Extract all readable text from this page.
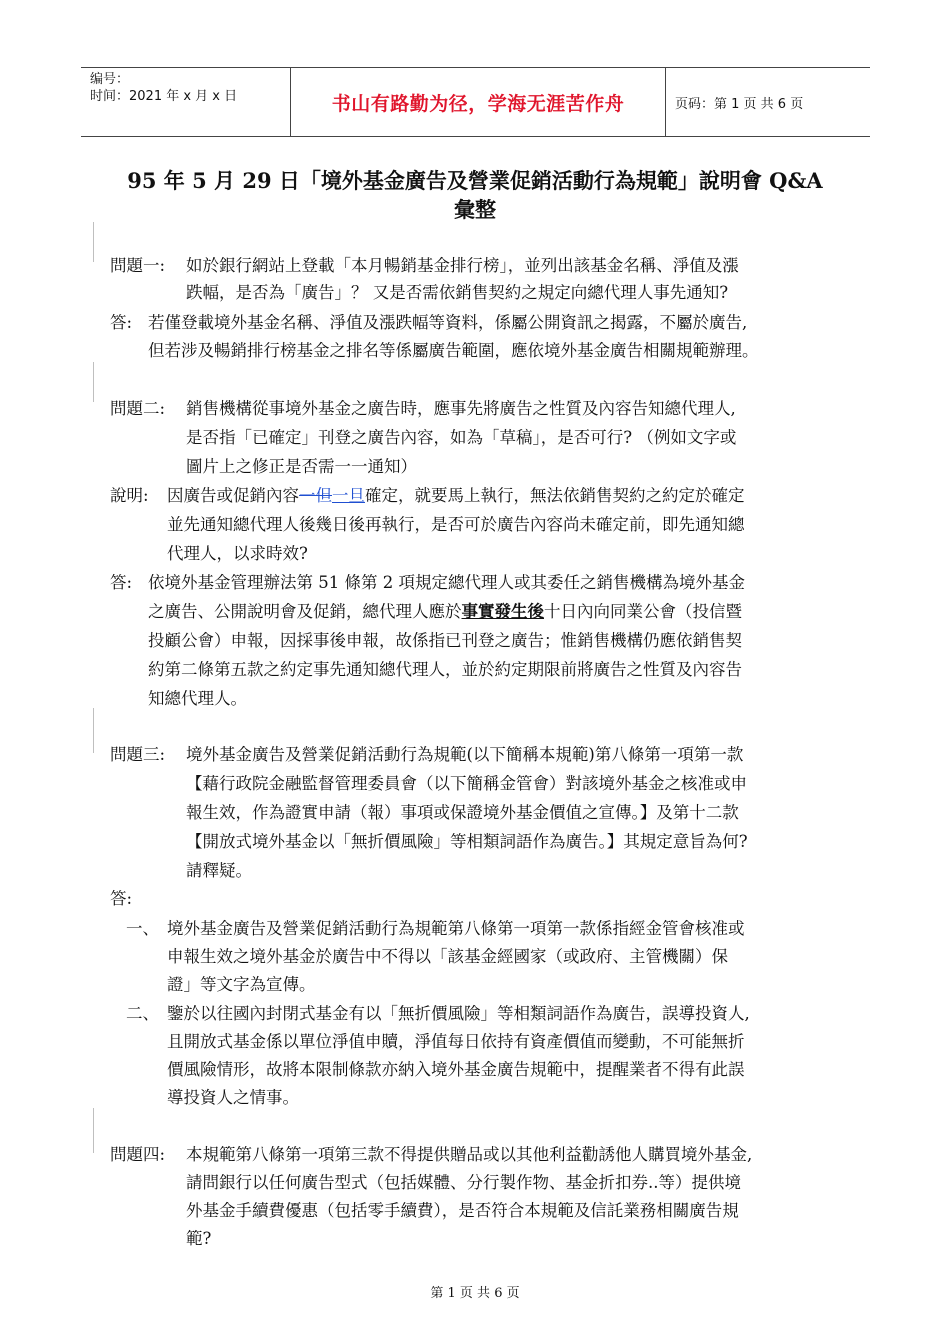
编号：
时间：2021 年 x 月 x 日	书山有路勤为径，学海无涯苦作舟	页码：第 1 页 共 6 页
95 年 5 月 29 日「境外基金廣告及營業促銷活動行為規範」說明會 Q&A
彙整
問題一: 如於銀行網站上登載「本月暢銷基金排行榜」，並列出該基金名稱、淨值及漲
跌幅，是否為「廣告」？ 又是否需依銷售契約之規定向總代理人事先通知?
答: 若僅登載境外基金名稱、淨值及漲跌幅等資料，係屬公開資訊之揭露，不屬於廣告,
但若涉及暢銷排行榜基金之排名等係屬廣告範圍，應依境外基金廣告相關規範辦理。
問題二: 銷售機構從事境外基金之廣告時，應事先將廣告之性質及內容告知總代理人,
是否指「已確定」刊登之廣告內容，如為「草稿」，是否可行? （例如文字或
圖片上之修正是否需一一通知）
說明: 因廣告或促銷內容一但一旦確定，就要馬上執行，無法依銷售契約之約定於確定
並先通知總代理人後幾日後再執行，是否可於廣告內容尚未確定前，即先通知總
代理人，以求時效?
答: 依境外基金管理辦法第 51 條第 2 項規定總代理人或其委任之銷售機構為境外基金
之廣告、公開說明會及促銷，總代理人應於事實發生後十日內向同業公會（投信暨
投顧公會）申報，因採事後申報，故係指已刊登之廣告；惟銷售機構仍應依銷售契
約第二條第五款之約定事先通知總代理人，並於約定期限前將廣告之性質及內容告
知總代理人。
問題三: 境外基金廣告及營業促銷活動行為規範(以下簡稱本規範)第八條第一項第一款
【藉行政院金融監督管理委員會（以下簡稱金管會）對該境外基金之核准或申
報生效，作為證實申請（報）事項或保證境外基金價值之宣傳。】及第十二款
【開放式境外基金以「無折價風險」等相類詞語作為廣告。】其規定意旨為何?
請釋疑。
答:
一、 境外基金廣告及營業促銷活動行為規範第八條第一項第一款係指經金管會核准或
申報生效之境外基金於廣告中不得以「該基金經國家（或政府、主管機關）保
證」等文字為宣傳。
二、 鑒於以往國內封閉式基金有以「無折價風險」等相類詞語作為廣告，誤導投資人,
且開放式基金係以單位淨值申贖，淨值每日依持有資產價值而變動，不可能無折
價風險情形，故將本限制條款亦納入境外基金廣告規範中，提醒業者不得有此誤
導投資人之情事。
問題四: 本規範第八條第一項第三款不得提供贈品或以其他利益勸誘他人購買境外基金,
請問銀行以任何廣告型式（包括媒體、分行製作物、基金折扣券..等）提供境
外基金手續費優惠（包括零手續費），是否符合本規範及信託業務相關廣告規
範?
第 1 页 共 6 页
